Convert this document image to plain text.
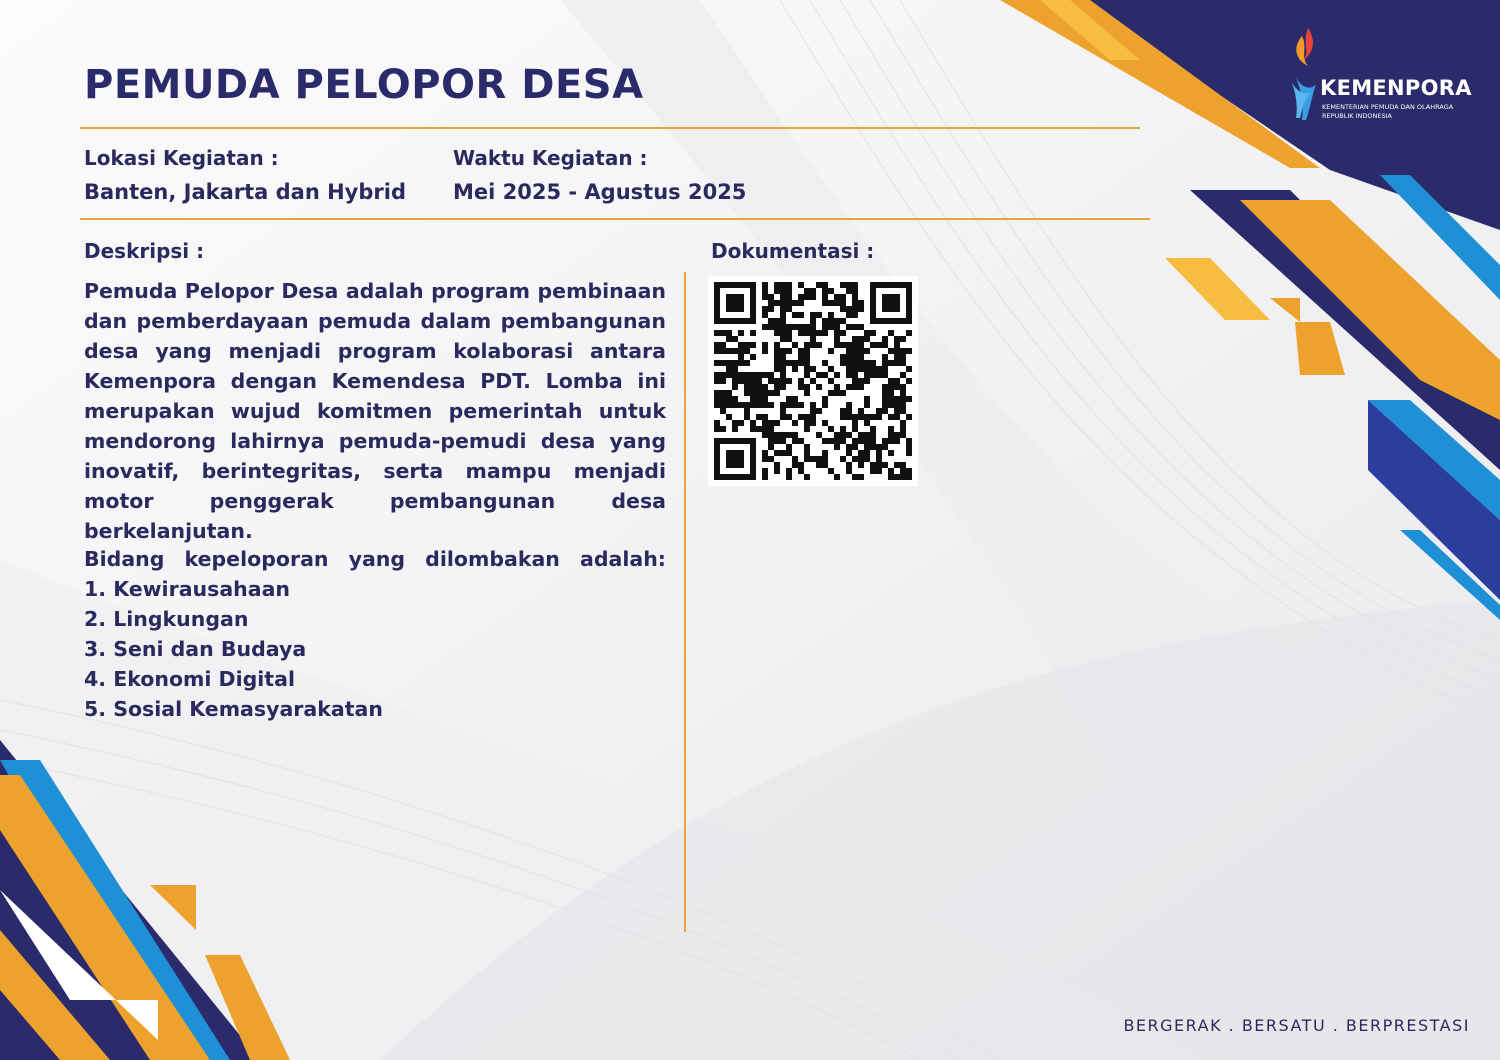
PEMUDA PELOPOR DESA	KEMENPORA
KEMENTERIAN PEMUDA DAN OLAHRAGA
REPUBLIK INDONESIA
Lokasi Kegiatan :
Banten, Jakarta dan Hybrid
Waktu Kegiatan :
Mei 2025 - Agustus 2025
Deskripsi :

Pemuda Pelopor Desa adalah program pembinaan dan pemberdayaan pemuda dalam pembangunan desa yang menjadi program kolaborasi antara Kemenpora dengan Kemendesa PDT. Lomba ini merupakan wujud komitmen pemerintah untuk mendorong lahirnya pemuda-pemudi desa yang inovatif, berintegritas, serta mampu menjadi motor penggerak pembangunan desa berkelanjutan.

Bidang kepeloporan yang dilombakan adalah:
1. Kewirausahaan
2. Lingkungan
3. Seni dan Budaya
4. Ekonomi Digital
5. Sosial Kemasyarakatan
Dokumentasi :
BERGERAK . BERSATU . BERPRESTASI
